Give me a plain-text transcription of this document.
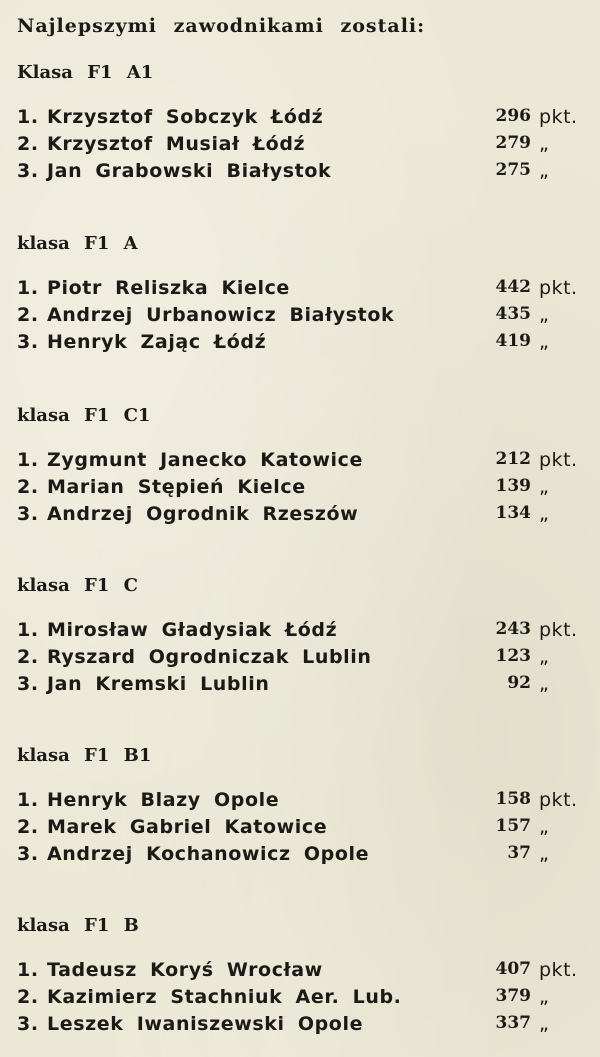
Najlepszymi zawodnikami zostali:
Klasa F1 A1
1. Krzysztof Sobczyk Łódź	296 pkt.
2. Krzysztof Musiał Łódź	279 „
3. Jan Grabowski Białystok	275 „
klasa F1 A
1. Piotr Reliszka Kielce	442 pkt.
2. Andrzej Urbanowicz Białystok	435 „
3. Henryk Zając Łódź	419 „
klasa F1 C1
1. Zygmunt Janecko Katowice	212 pkt.
2. Marian Stępień Kielce	139 „
3. Andrzej Ogrodnik Rzeszów	134 „
klasa F1 C
1. Mirosław Gładysiak Łódź	243 pkt.
2. Ryszard Ogrodniczak Lublin	123 „
3. Jan Kremski Lublin	92 „
klasa F1 B1
1. Henryk Blazy Opole	158 pkt.
2. Marek Gabriel Katowice	157 „
3. Andrzej Kochanowicz Opole	37 „
klasa F1 B
1. Tadeusz Koryś Wrocław	407 pkt.
2. Kazimierz Stachniuk Aer. Lub.	379 „
3. Leszek Iwaniszewski Opole	337 „
